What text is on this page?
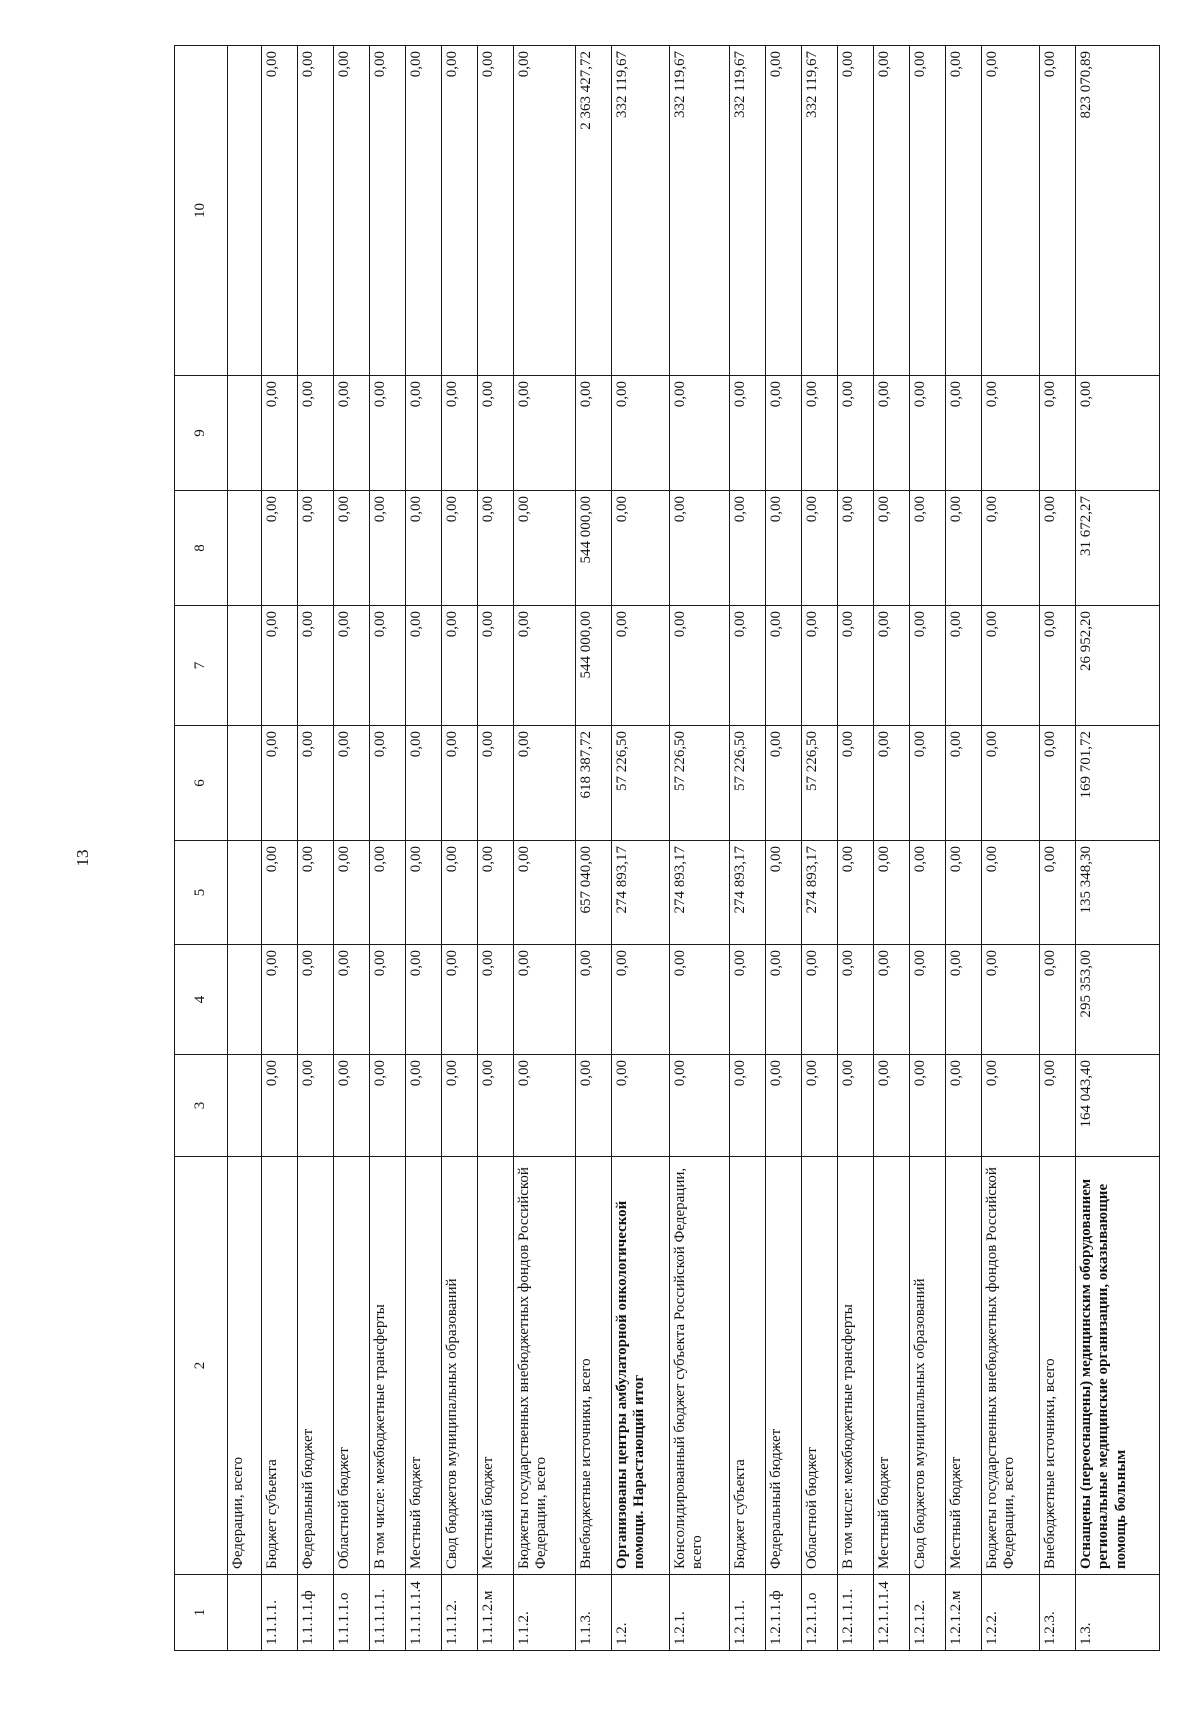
13
1	2	3	4	5	6	7	8	9	10
	Федерации, всего								
1.1.1.1.	Бюджет субъекта	0,00	0,00	0,00	0,00	0,00	0,00	0,00	0,00
1.1.1.1.ф	Федеральный бюджет	0,00	0,00	0,00	0,00	0,00	0,00	0,00	0,00
1.1.1.1.о	Областной бюджет	0,00	0,00	0,00	0,00	0,00	0,00	0,00	0,00
1.1.1.1.1.	В том числе: межбюджетные трансферты	0,00	0,00	0,00	0,00	0,00	0,00	0,00	0,00
1.1.1.1.1.4	Местный бюджет	0,00	0,00	0,00	0,00	0,00	0,00	0,00	0,00
1.1.1.2.	Свод бюджетов муниципальных образований	0,00	0,00	0,00	0,00	0,00	0,00	0,00	0,00
1.1.1.2.м	Местный бюджет	0,00	0,00	0,00	0,00	0,00	0,00	0,00	0,00
1.1.2.	Бюджеты государственных внебюджетных фондов Российской Федерации, всего	0,00	0,00	0,00	0,00	0,00	0,00	0,00	0,00
1.1.3.	Внебюджетные источники, всего	0,00	0,00	657 040,00	618 387,72	544 000,00	544 000,00	0,00	2 363 427,72
1.2.	Организованы центры амбулаторной онкологической помощи. Нарастающий итог	0,00	0,00	274 893,17	57 226,50	0,00	0,00	0,00	332 119,67
1.2.1.	Консолидированный бюджет субъекта Российской Федерации, всего	0,00	0,00	274 893,17	57 226,50	0,00	0,00	0,00	332 119,67
1.2.1.1.	Бюджет субъекта	0,00	0,00	274 893,17	57 226,50	0,00	0,00	0,00	332 119,67
1.2.1.1.ф	Федеральный бюджет	0,00	0,00	0,00	0,00	0,00	0,00	0,00	0,00
1.2.1.1.о	Областной бюджет	0,00	0,00	274 893,17	57 226,50	0,00	0,00	0,00	332 119,67
1.2.1.1.1.	В том числе: межбюджетные трансферты	0,00	0,00	0,00	0,00	0,00	0,00	0,00	0,00
1.2.1.1.1.4	Местный бюджет	0,00	0,00	0,00	0,00	0,00	0,00	0,00	0,00
1.2.1.2.	Свод бюджетов муниципальных образований	0,00	0,00	0,00	0,00	0,00	0,00	0,00	0,00
1.2.1.2.м	Местный бюджет	0,00	0,00	0,00	0,00	0,00	0,00	0,00	0,00
1.2.2.	Бюджеты государственных внебюджетных фондов Российской Федерации, всего	0,00	0,00	0,00	0,00	0,00	0,00	0,00	0,00
1.2.3.	Внебюджетные источники, всего	0,00	0,00	0,00	0,00	0,00	0,00	0,00	0,00
1.3.	Оснащены (переоснащены) медицинским оборудованием региональные медицинские организации, оказывающие помощь больным	164 043,40	295 353,00	135 348,30	169 701,72	26 952,20	31 672,27	0,00	823 070,89
